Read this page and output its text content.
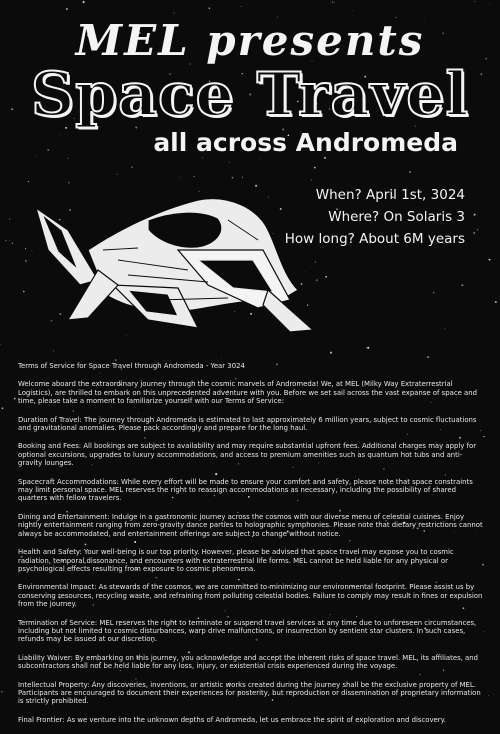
MEL presents
Space Travel
all across Andromeda
When? April 1st, 3024
Where? On Solaris 3
How long? About 6M years

Terms of Service for Space Travel through Andromeda - Year 3024

Welcome aboard the extraordinary journey through the cosmic marvels of Andromeda! We, at MEL (Milky Way Extraterrestrial Logistics), are thrilled to embark on this unprecedented adventure with you. Before we set sail across the vast expanse of space and time, please take a moment to familiarize yourself with our Terms of Service:

Duration of Travel: The journey through Andromeda is estimated to last approximately 6 million years, subject to cosmic fluctuations and gravitational anomalies. Please pack accordingly and prepare for the long haul.

Booking and Fees: All bookings are subject to availability and may require substantial upfront fees. Additional charges may apply for optional excursions, upgrades to luxury accommodations, and access to premium amenities such as quantum hot tubs and anti-gravity lounges.

Spacecraft Accommodations: While every effort will be made to ensure your comfort and safety, please note that space constraints may limit personal space. MEL reserves the right to reassign accommodations as necessary, including the possibility of shared quarters with fellow travelers.

Dining and Entertainment: Indulge in a gastronomic journey across the cosmos with our diverse menu of celestial cuisines. Enjoy nightly entertainment ranging from zero-gravity dance parties to holographic symphonies. Please note that dietary restrictions cannot always be accommodated, and entertainment offerings are subject to change without notice.

Health and Safety: Your well-being is our top priority. However, please be advised that space travel may expose you to cosmic radiation, temporal dissonance, and encounters with extraterrestrial life forms. MEL cannot be held liable for any physical or psychological effects resulting from exposure to cosmic phenomena.

Environmental Impact: As stewards of the cosmos, we are committed to minimizing our environmental footprint. Please assist us by conserving resources, recycling waste, and refraining from polluting celestial bodies. Failure to comply may result in fines or expulsion from the journey.

Termination of Service: MEL reserves the right to terminate or suspend travel services at any time due to unforeseen circumstances, including but not limited to cosmic disturbances, warp drive malfunctions, or insurrection by sentient star clusters. In such cases, refunds may be issued at our discretion.

Liability Waiver: By embarking on this journey, you acknowledge and accept the inherent risks of space travel. MEL, its affiliates, and subcontractors shall not be held liable for any loss, injury, or existential crisis experienced during the voyage.

Intellectual Property: Any discoveries, inventions, or artistic works created during the journey shall be the exclusive property of MEL. Participants are encouraged to document their experiences for posterity, but reproduction or dissemination of proprietary information is strictly prohibited.

Final Frontier: As we venture into the unknown depths of Andromeda, let us embrace the spirit of exploration and discovery.
